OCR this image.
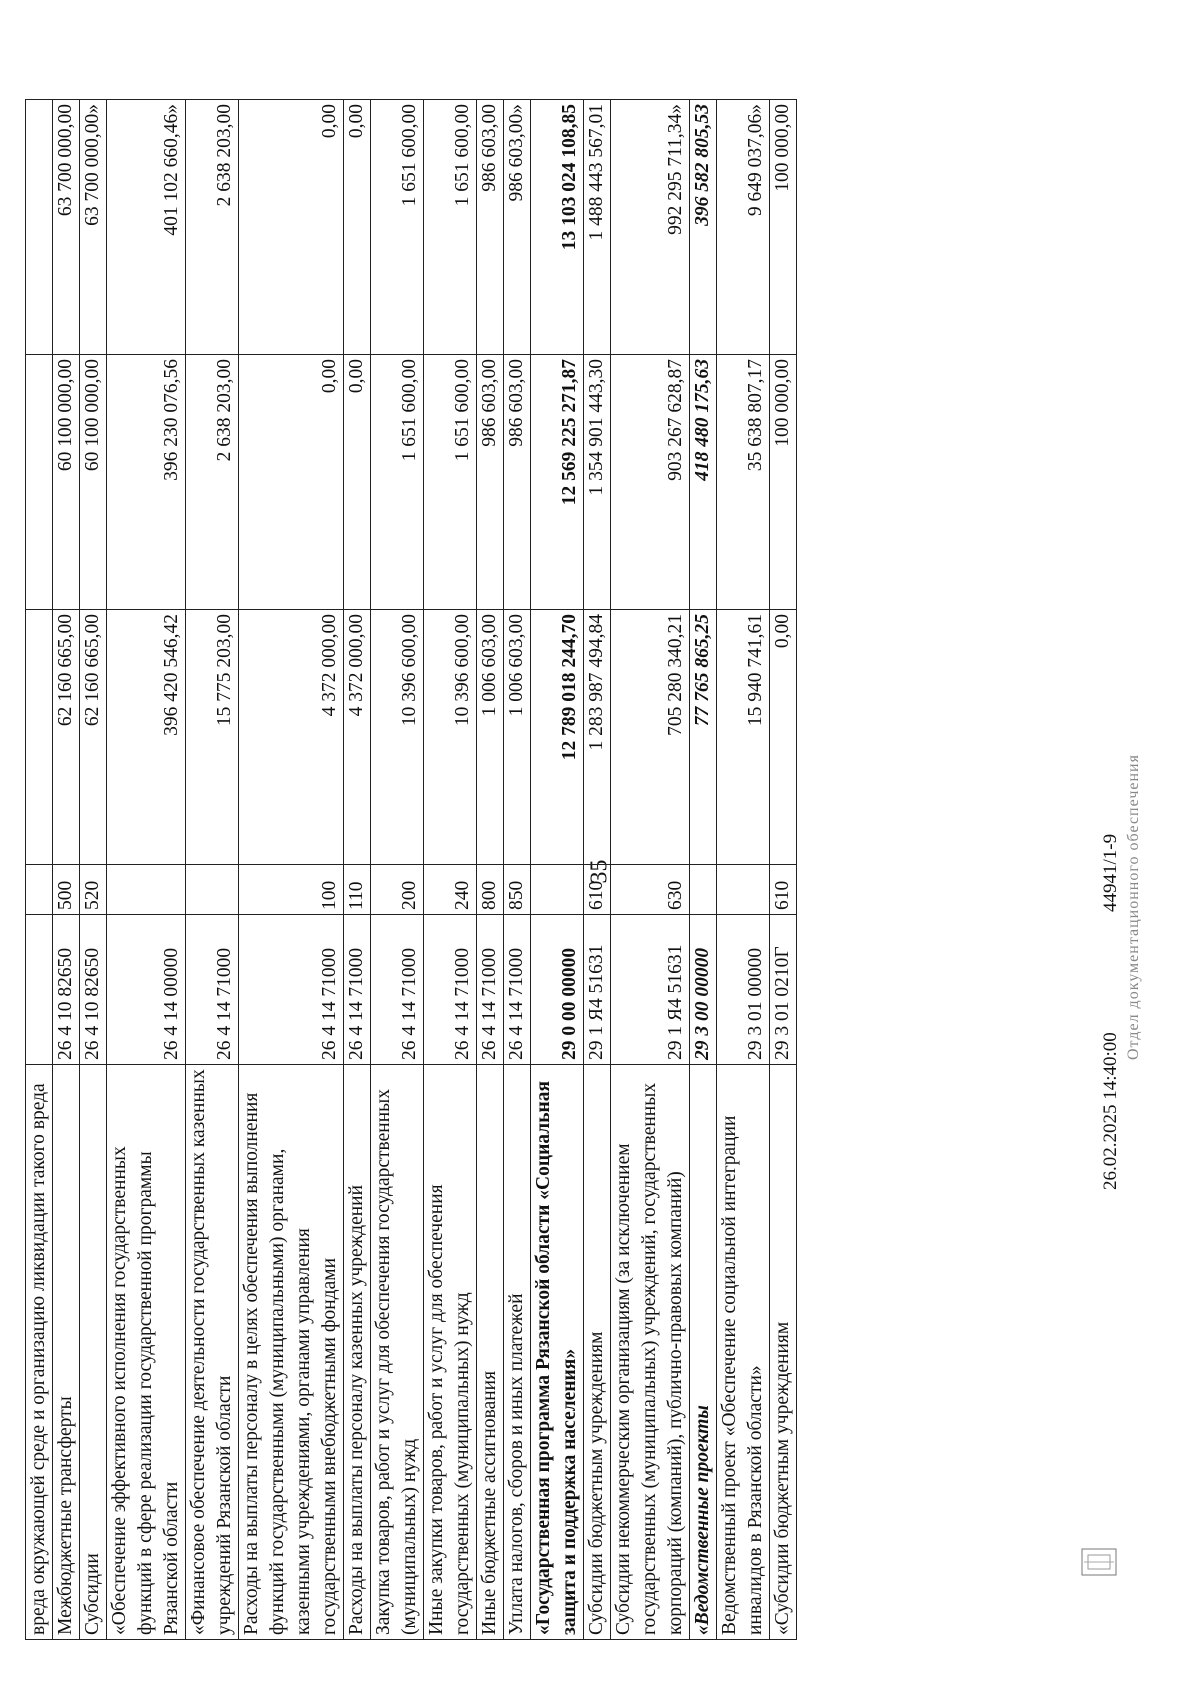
35
вреда окружающей среде и организацию ликвидации такого вреда					
Межбюджетные трансферты	26 4 10 82650	500	62 160 665,00	60 100 000,00	63 700 000,00
Субсидии	26 4 10 82650	520	62 160 665,00	60 100 000,00	63 700 000,00»
«Обеспечение эффективного исполнения государственных функций в сфере реализации государственной программы Рязанской области	26 4 14 00000		396 420 546,42	396 230 076,56	401 102 660,46»
«Финансовое обеспечение деятельности государственных казенных учреждений Рязанской области	26 4 14 71000		15 775 203,00	2 638 203,00	2 638 203,00
Расходы на выплаты персоналу в целях обеспечения выполнения функций государственными (муниципальными) органами, казенными учреждениями, органами управления государственными внебюджетными фондами	26 4 14 71000	100	4 372 000,00	0,00	0,00
Расходы на выплаты персоналу казенных учреждений	26 4 14 71000	110	4 372 000,00	0,00	0,00
Закупка товаров, работ и услуг для обеспечения государственных (муниципальных) нужд	26 4 14 71000	200	10 396 600,00	1 651 600,00	1 651 600,00
Иные закупки товаров, работ и услуг для обеспечения государственных (муниципальных) нужд	26 4 14 71000	240	10 396 600,00	1 651 600,00	1 651 600,00
Иные бюджетные ассигнования	26 4 14 71000	800	1 006 603,00	986 603,00	986 603,00
Уплата налогов, сборов и иных платежей	26 4 14 71000	850	1 006 603,00	986 603,00	986 603,00»
«Государственная программа Рязанской области «Социальная защита и поддержка населения»	29 0 00 00000		12 789 018 244,70	12 569 225 271,87	13 103 024 108,85
Субсидии бюджетным учреждениям	29 1 Я4 51631	610	1 283 987 494,84	1 354 901 443,30	1 488 443 567,01
Субсидии некоммерческим организациям (за исключением государственных (муниципальных) учреждений, государственных корпораций (компаний), публично-правовых компаний)	29 1 Я4 51631	630	705 280 340,21	903 267 628,87	992 295 711,34»
«Ведомственные проекты	29 3 00 00000		77 765 865,25	418 480 175,63	396 582 805,53
Ведомственный проект «Обеспечение социальной интеграции инвалидов в Рязанской области»	29 3 01 00000		15 940 741,61	35 638 807,17	9 649 037,06»
«Субсидии бюджетным учреждениям	29 3 01 0210Г	610	0,00	100 000,00	100 000,00
26.02.2025 14:40:00
44941/1-9 Отдел документационного обеспечения
